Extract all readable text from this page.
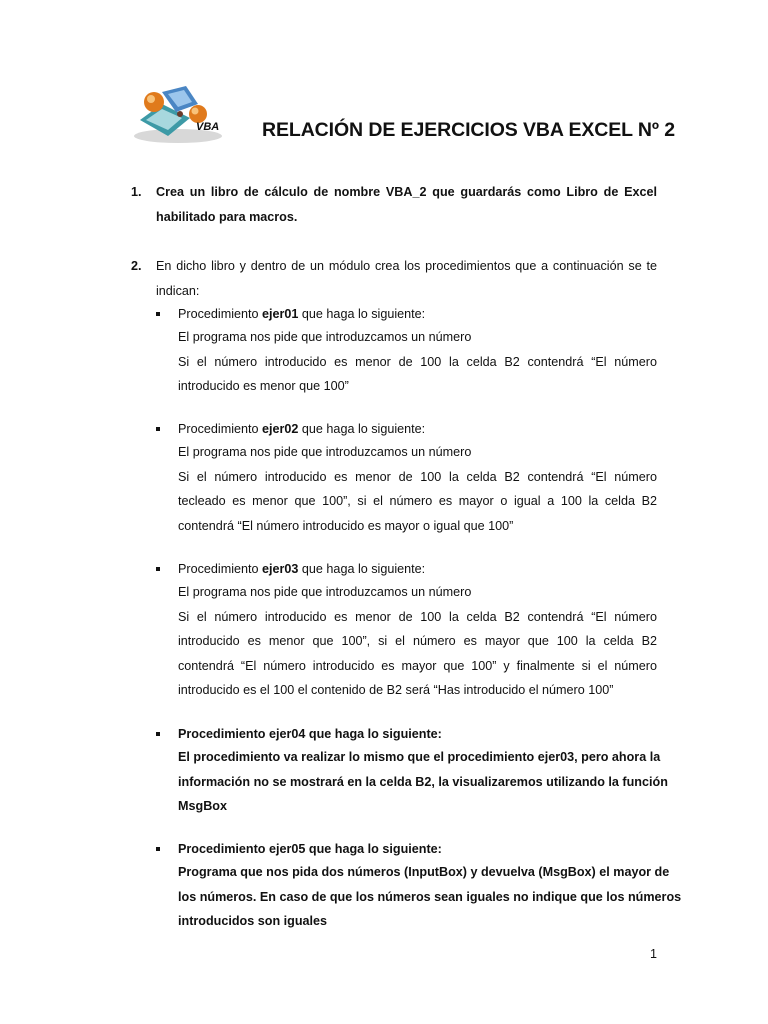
VBA RELACIÓN DE EJERCICIOS VBA EXCEL Nº 2
1. Crea un libro de cálculo de nombre VBA_2 que guardarás como Libro de Excel habilitado para macros.
2. En dicho libro y dentro de un módulo crea los procedimientos que a continuación se te indican:
Procedimiento ejer01 que haga lo siguiente:
El programa nos pide que introduzcamos un número
Si el número introducido es menor de 100 la celda B2 contendrá “El número
introducido es menor que 100”
Procedimiento ejer02 que haga lo siguiente:
El programa nos pide que introduzcamos un número
Si el número introducido es menor de 100 la celda B2 contendrá “El número
tecleado es menor que 100”, si el número es mayor o igual a 100 la celda B2
contendrá “El número introducido es mayor o igual que 100”
Procedimiento ejer03 que haga lo siguiente:
El programa nos pide que introduzcamos un número
Si el número introducido es menor de 100 la celda B2 contendrá “El número
introducido es menor que 100”, si el número es mayor que 100 la celda B2
contendrá “El número introducido es mayor que 100” y finalmente si el número
introducido es el 100 el contenido de B2 será “Has introducido el número 100”
Procedimiento ejer04 que haga lo siguiente:
El procedimiento va realizar lo mismo que el procedimiento ejer03, pero ahora la
información no se mostrará en la celda B2, la visualizaremos utilizando la función
MsgBox
Procedimiento ejer05 que haga lo siguiente:
Programa que nos pida dos números (InputBox) y devuelva (MsgBox) el mayor de
los números. En caso de que los números sean iguales no indique que los números
introducidos son iguales
1
